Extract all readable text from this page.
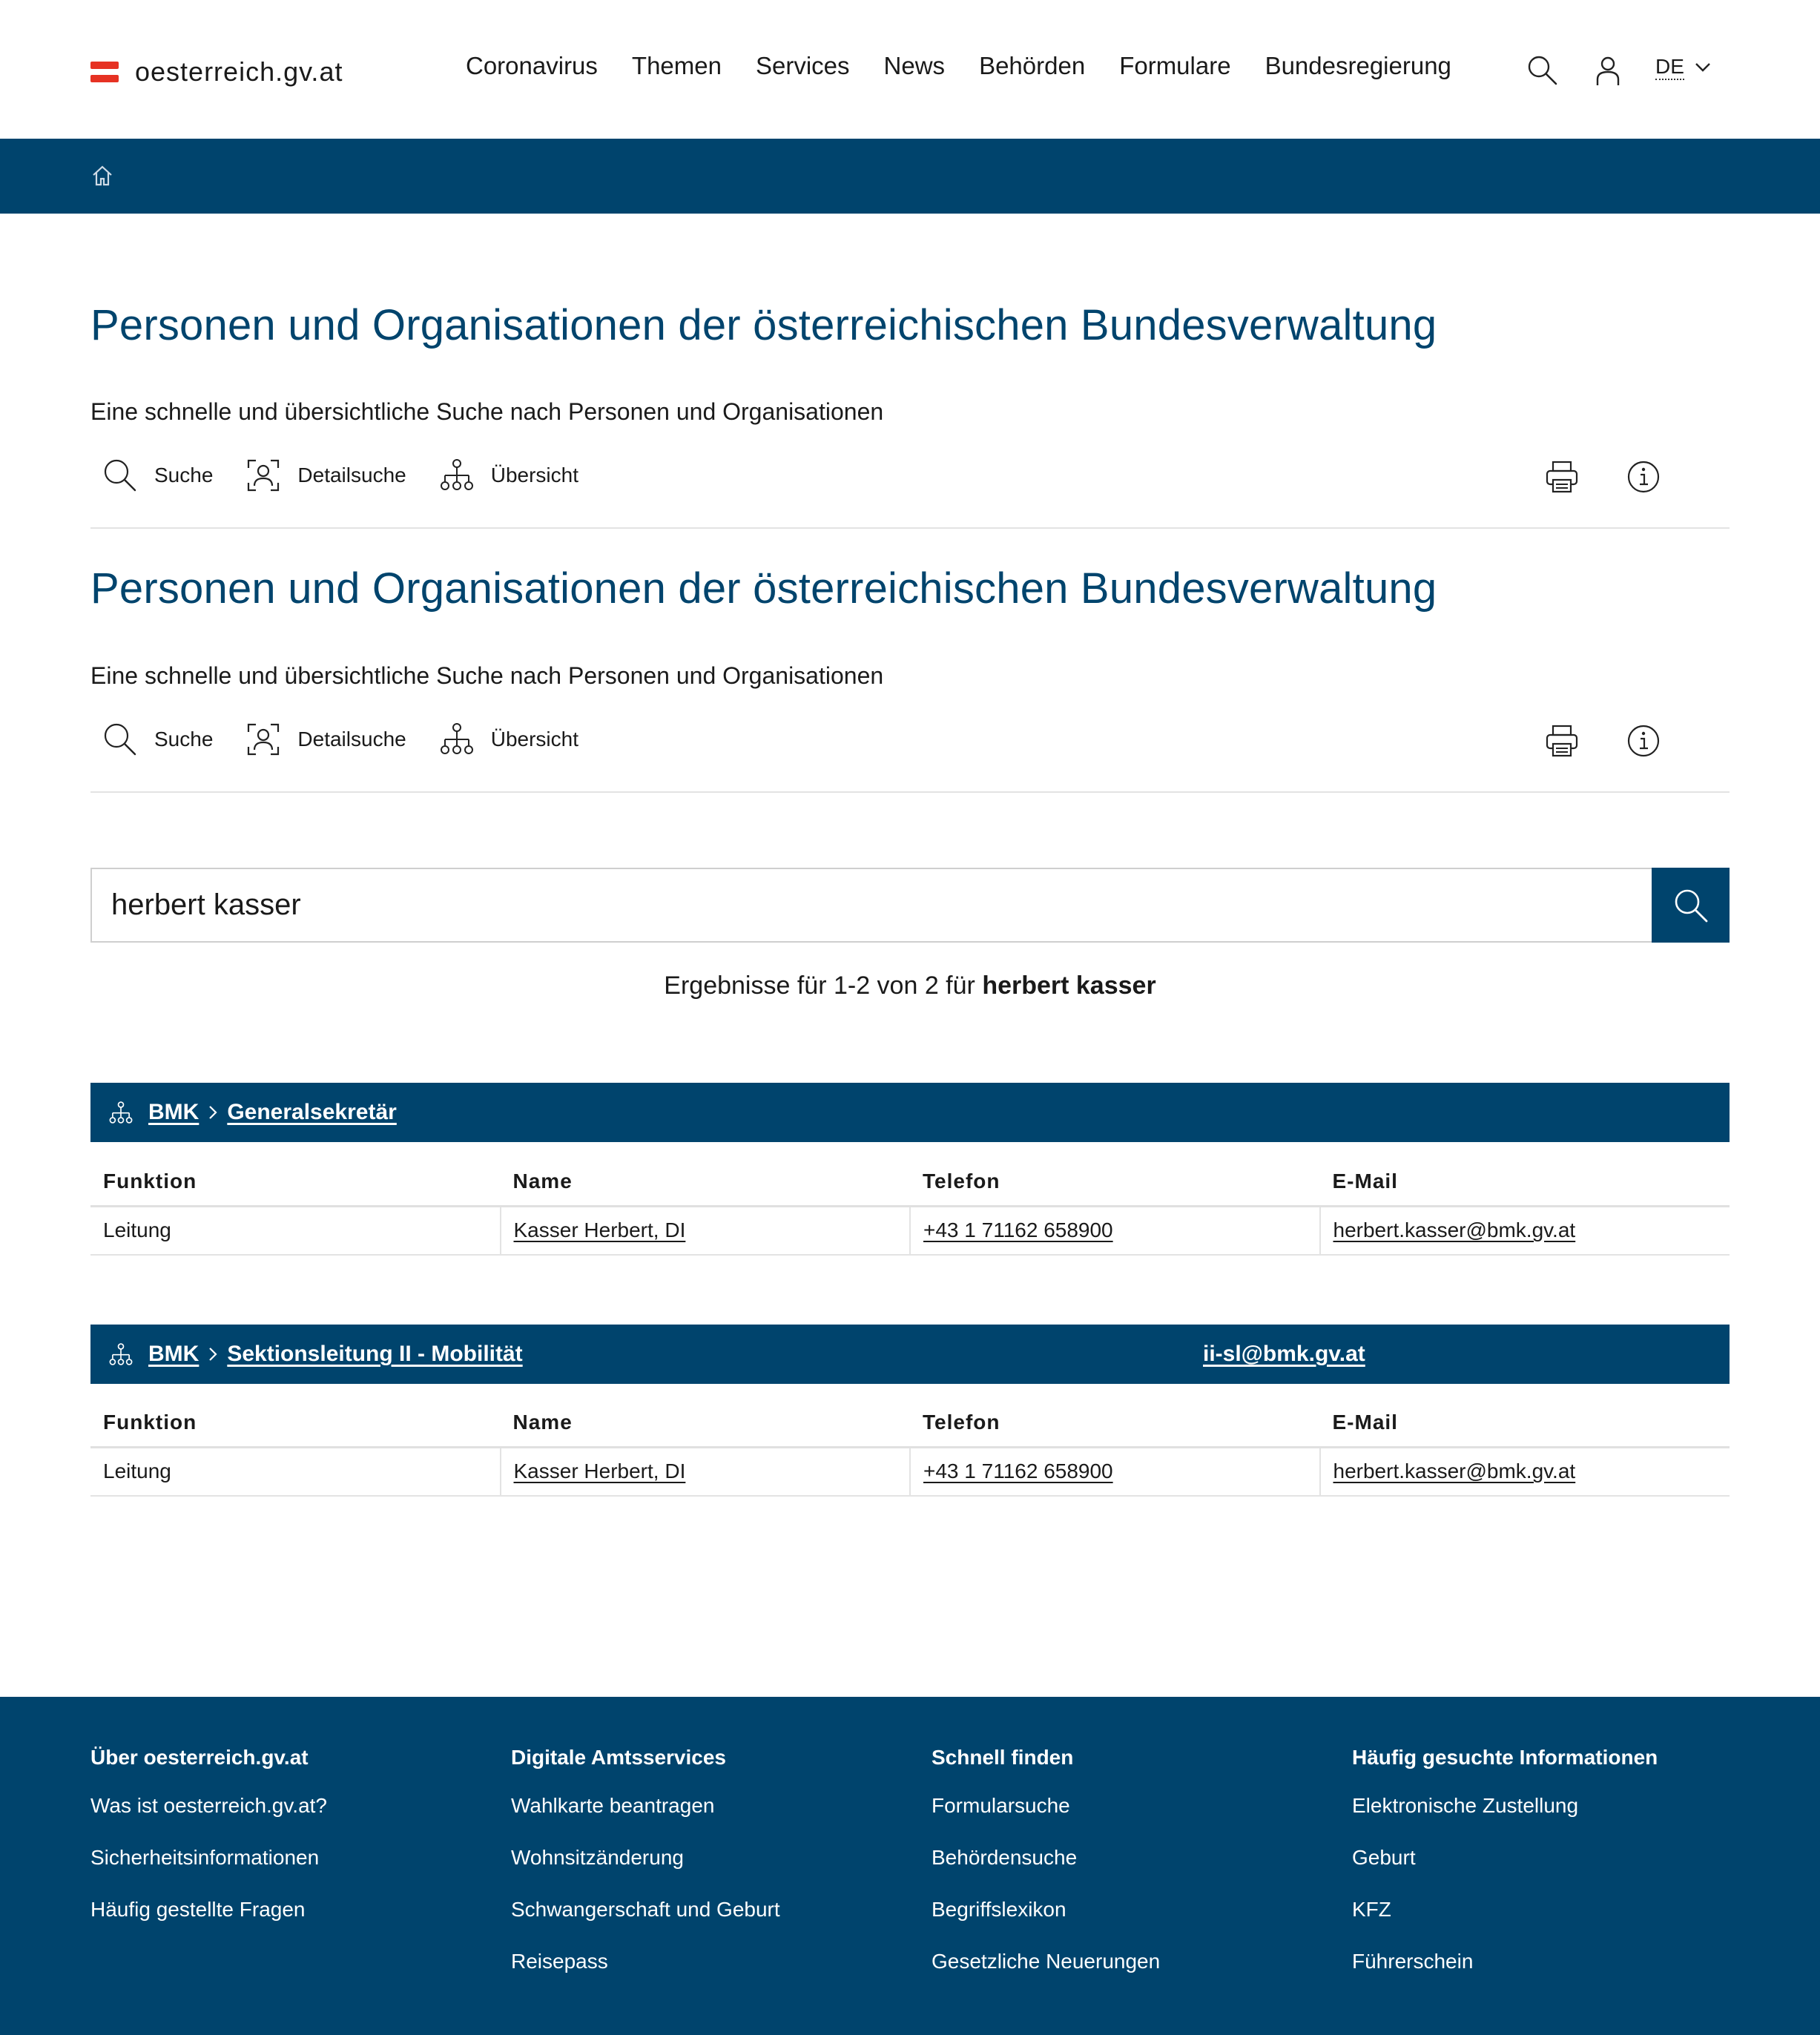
oesterreich.gv.at	Coronavirus Themen Services News Behörden Formulare Bundesregierung	DE
Personen und Organisationen der österreichischen Bundesverwaltung

Eine schnelle und übersichtliche Suche nach Personen und Organisationen

Suche	Detailsuche	Übersicht
Personen und Organisationen der österreichischen Bundesverwaltung

Eine schnelle und übersichtliche Suche nach Personen und Organisationen

Suche	Detailsuche	Übersicht
herbert kasser
Ergebnisse für 1-2 von 2 für herbert kasser
BMK Generalsekretär
Funktion	Name	Telefon	E-Mail
Leitung	Kasser Herbert, DI	+43 1 71162 658900	herbert.kasser@bmk.gv.at
BMK Sektionsleitung II - Mobilität	ii-sl@bmk.gv.at
Funktion	Name	Telefon	E-Mail
Leitung	Kasser Herbert, DI	+43 1 71162 658900	herbert.kasser@bmk.gv.at
Über oesterreich.gv.at
Was ist oesterreich.gv.at?
Sicherheitsinformationen
Häufig gestellte Fragen
Digitale Amtsservices
Wahlkarte beantragen
Wohnsitzänderung
Schwangerschaft und Geburt
Reisepass
Schnell finden
Formularsuche
Behördensuche
Begriffslexikon
Gesetzliche Neuerungen
Häufig gesuchte Informationen
Elektronische Zustellung
Geburt
KFZ
Führerschein
